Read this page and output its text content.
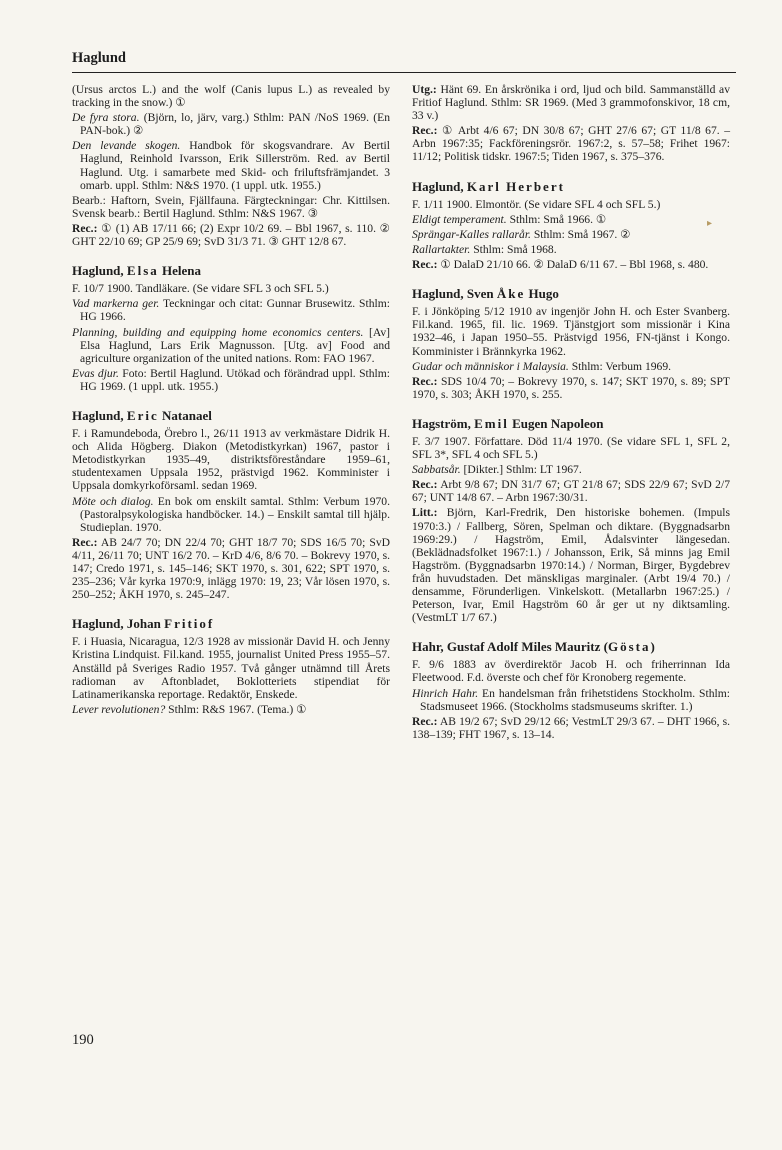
Haglund
▸

(Ursus arctos L.) and the wolf (Canis lupus L.) as revealed by tracking in the snow.) ①

De fyra stora. (Björn, lo, järv, varg.) Sthlm: PAN /NoS 1969. (En PAN-bok.) ②

Den levande skogen. Handbok för skogsvandrare. Av Bertil Haglund, Reinhold Ivarsson, Erik Sillerström. Red. av Bertil Haglund. Utg. i samarbete med Skid- och friluftsfrämjandet. 3 omarb. uppl. Sthlm: N&S 1970. (1 uppl. utk. 1955.)

Bearb.: Haftorn, Svein, Fjällfauna. Färgteckningar: Chr. Kittilsen. Svensk bearb.: Bertil Haglund. Sthlm: N&S 1967. ③

Rec.: ① (1) AB 17/11 66; (2) Expr 10/2 69. – Bbl 1967, s. 110. ② GHT 22/10 69; GP 25/9 69; SvD 31/3 71. ③ GHT 12/8 67.

Haglund, Elsa Helena

F. 10/7 1900. Tandläkare. (Se vidare SFL 3 och SFL 5.)

Vad markerna ger. Teckningar och citat: Gunnar Brusewitz. Sthlm: HG 1966.

Planning, building and equipping home economics centers. [Av] Elsa Haglund, Lars Erik Magnusson. [Utg. av] Food and agriculture organization of the united nations. Rom: FAO 1967.

Evas djur. Foto: Bertil Haglund. Utökad och förändrad uppl. Sthlm: HG 1969. (1 uppl. utk. 1955.)

Haglund, Eric Natanael

F. i Ramundeboda, Örebro l., 26/11 1913 av verkmästare Didrik H. och Alida Högberg. Diakon (Metodistkyrkan) 1967, pastor i Metodistkyrkan 1935–49, distriktsföreståndare 1959–61, studentexamen Uppsala 1952, prästvigd 1962. Komminister i Uppsala domkyrkoförsaml. sedan 1969.

Möte och dialog. En bok om enskilt samtal. Sthlm: Verbum 1970. (Pastoralpsykologiska handböcker. 14.) – Enskilt samtal till hjälp. Studieplan. 1970.

Rec.: AB 24/7 70; DN 22/4 70; GHT 18/7 70; SDS 16/5 70; SvD 4/11, 26/11 70; UNT 16/2 70. – KrD 4/6, 8/6 70. – Bokrevy 1970, s. 147; Credo 1971, s. 145–146; SKT 1970, s. 301, 622; SPT 1970, s. 235–236; Vår kyrka 1970:9, inlägg 1970: 19, 23; Vår lösen 1970, s. 250–252; ÅKH 1970, s. 245–247.

Haglund, Johan Fritiof

F. i Huasia, Nicaragua, 12/3 1928 av missionär David H. och Jenny Kristina Lindquist. Fil.kand. 1955, journalist United Press 1955–57. Anställd på Sveriges Radio 1957. Två gånger utnämnd till Årets radioman av Aftonbladet, Boklotteriets stipendiat för Latinamerikanska reportage. Redaktör, Enskede.

Lever revolutionen? Sthlm: R&S 1967. (Tema.) ①

Utg.: Hänt 69. En årskrönika i ord, ljud och bild. Sammanställd av Fritiof Haglund. Sthlm: SR 1969. (Med 3 grammofonskivor, 18 cm, 33 v.)

Rec.: ① Arbt 4/6 67; DN 30/8 67; GHT 27/6 67; GT 11/8 67. – Arbn 1967:35; Fackföreningsrör. 1967:2, s. 57–58; Frihet 1967: 11/12; Politisk tidskr. 1967:5; Tiden 1967, s. 375–376.

Haglund, Karl Herbert

F. 1/11 1900. Elmontör. (Se vidare SFL 4 och SFL 5.)

Eldigt temperament. Sthlm: Små 1966. ①

Sprängar-Kalles rallarår. Sthlm: Små 1967. ②

Rallartakter. Sthlm: Små 1968.

Rec.: ① DalaD 21/10 66. ② DalaD 6/11 67. – Bbl 1968, s. 480.

Haglund, Sven Åke Hugo

F. i Jönköping 5/12 1910 av ingenjör John H. och Ester Svanberg. Fil.kand. 1965, fil. lic. 1969. Tjänstgjort som missionär i Kina 1932–46, i Japan 1950–55. Prästvigd 1956, FN-tjänst i Kongo. Komminister i Brännkyrka 1962.

Gudar och människor i Malaysia. Sthlm: Verbum 1969.

Rec.: SDS 10/4 70; – Bokrevy 1970, s. 147; SKT 1970, s. 89; SPT 1970, s. 303; ÅKH 1970, s. 255.

Hagström, Emil Eugen Napoleon

F. 3/7 1907. Författare. Död 11/4 1970. (Se vidare SFL 1, SFL 2, SFL 3*, SFL 4 och SFL 5.)

Sabbatsår. [Dikter.] Sthlm: LT 1967.

Rec.: Arbt 9/8 67; DN 31/7 67; GT 21/8 67; SDS 22/9 67; SvD 2/7 67; UNT 14/8 67. – Arbn 1967:30/31.

Litt.: Björn, Karl-Fredrik, Den historiske bohemen. (Impuls 1970:3.) / Fallberg, Sören, Spelman och diktare. (Byggnadsarbn 1969:29.) / Hagström, Emil, Ådalsvinter längesedan. (Beklädnadsfolket 1967:1.) / Johansson, Erik, Så minns jag Emil Hagström. (Byggnadsarbn 1970:14.) / Norman, Birger, Bygdebrev från huvudstaden. Det mänskligas marginaler. (Arbt 19/4 70.) / densamme, Förunderligen. Vinkelskott. (Metallarbn 1967:25.) / Peterson, Ivar, Emil Hagström 60 år ger ut ny diktsamling. (VestmLT 1/7 67.)

Hahr, Gustaf Adolf Miles Mauritz (Gösta)

F. 9/6 1883 av överdirektör Jacob H. och friherrinnan Ida Fleetwood. F.d. överste och chef för Kronoberg regemente.

Hinrich Hahr. En handelsman från frihetstidens Stockholm. Sthlm: Stadsmuseet 1966. (Stockholms stadsmuseums skrifter. 1.)

Rec.: AB 19/2 67; SvD 29/12 66; VestmLT 29/3 67. – DHT 1966, s. 138–139; FHT 1967, s. 13–14.

190
